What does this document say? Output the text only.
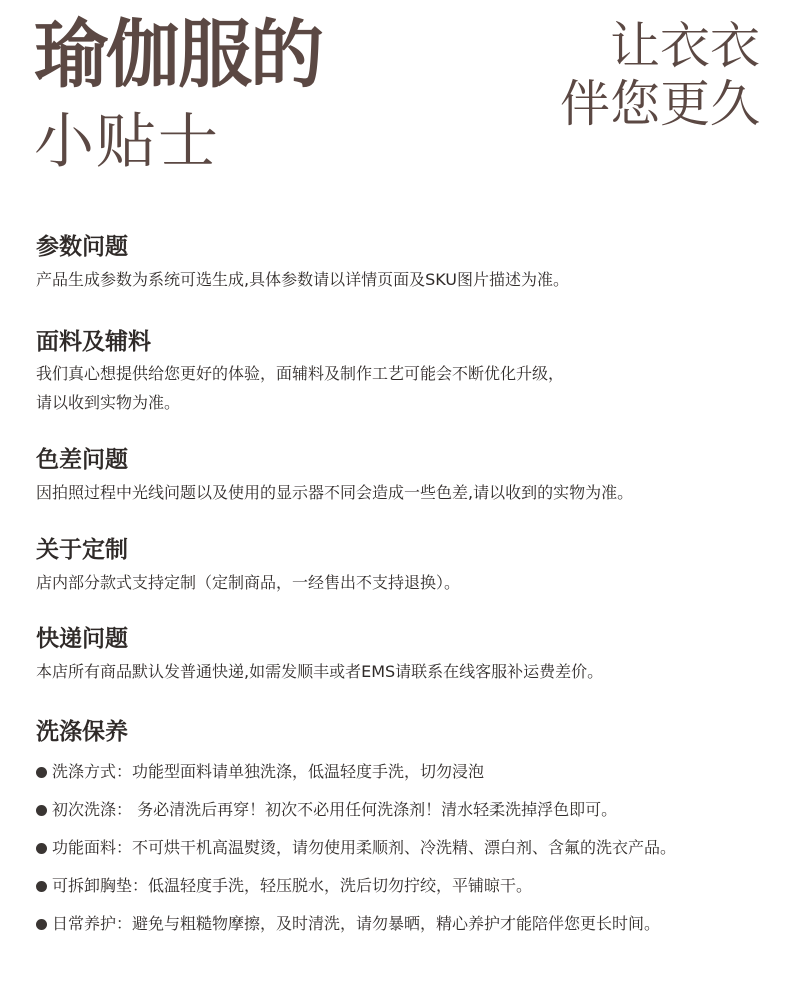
瑜伽服的
小贴士
让衣衣
伴您更久
参数问题

产品生成参数为系统可选生成,具体参数请以详情页面及SKU图片描述为准。

面料及辅料

我们真心想提供给您更好的体验，面辅料及制作工艺可能会不断优化升级，

请以收到实物为准。

色差问题

因拍照过程中光线问题以及使用的显示器不同会造成一些色差,请以收到的实物为准。

关于定制

店内部分款式支持定制（定制商品，一经售出不支持退换）。

快递问题

本店所有商品默认发普通快递,如需发顺丰或者EMS请联系在线客服补运费差价。

洗涤保养
洗涤方式：功能型面料请单独洗涤，低温轻度手洗，切勿浸泡
初次洗涤： 务必清洗后再穿！初次不必用任何洗涤剂！清水轻柔洗掉浮色即可。
功能面料：不可烘干机高温熨烫，请勿使用柔顺剂、冷洗精、漂白剂、含氟的洗衣产品。
可拆卸胸垫：低温轻度手洗，轻压脱水，洗后切勿拧绞，平铺晾干。
日常养护：避免与粗糙物摩擦，及时清洗，请勿暴晒，精心养护才能陪伴您更长时间。
